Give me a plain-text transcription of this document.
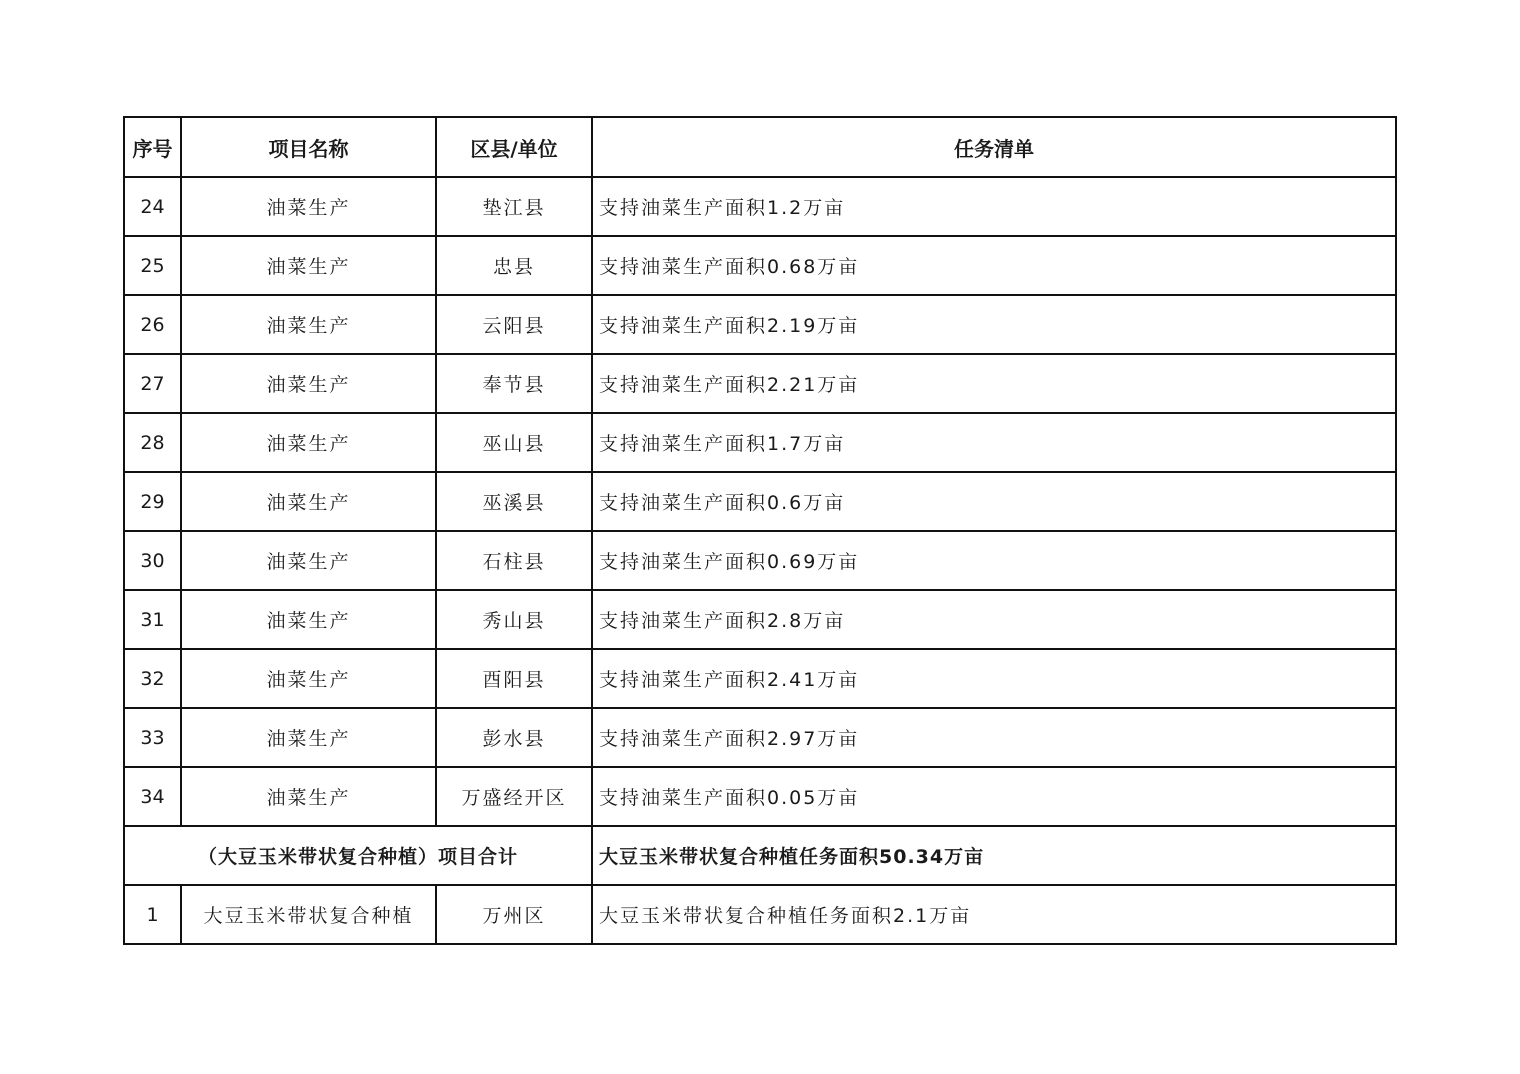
序号	项目名称	区县/单位	任务清单
24	油菜生产	垫江县	支持油菜生产面积1.2万亩
25	油菜生产	忠县	支持油菜生产面积0.68万亩
26	油菜生产	云阳县	支持油菜生产面积2.19万亩
27	油菜生产	奉节县	支持油菜生产面积2.21万亩
28	油菜生产	巫山县	支持油菜生产面积1.7万亩
29	油菜生产	巫溪县	支持油菜生产面积0.6万亩
30	油菜生产	石柱县	支持油菜生产面积0.69万亩
31	油菜生产	秀山县	支持油菜生产面积2.8万亩
32	油菜生产	酉阳县	支持油菜生产面积2.41万亩
33	油菜生产	彭水县	支持油菜生产面积2.97万亩
34	油菜生产	万盛经开区	支持油菜生产面积0.05万亩
（大豆玉米带状复合种植）项目合计			大豆玉米带状复合种植任务面积50.34万亩
1	大豆玉米带状复合种植	万州区	大豆玉米带状复合种植任务面积2.1万亩
